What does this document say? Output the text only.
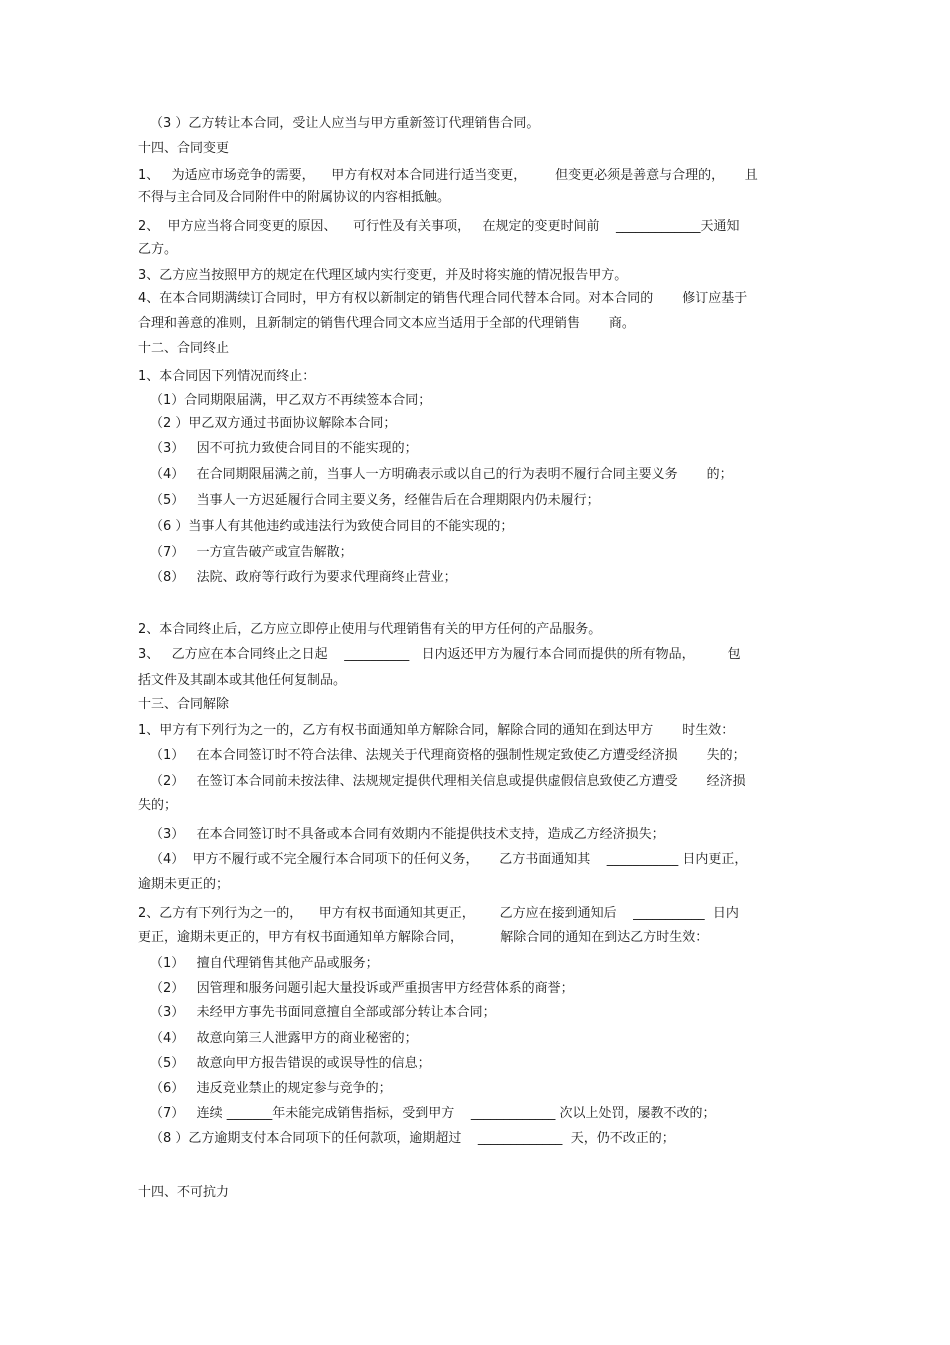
（3 ）乙方转让本合同，受让人应当与甲方重新签订代理销售合同。

十四、合同变更

1、   为适应市场竞争的需要，    甲方有权对本合同进行适当变更，       但变更必须是善意与合理的，     且

不得与主合同及合同附件中的附属协议的内容相抵触。

2、  甲方应当将合同变更的原因、    可行性及有关事项，   在规定的变更时间前    _____________天通知

乙方。

3、乙方应当按照甲方的规定在代理区域内实行变更，并及时将实施的情况报告甲方。

4、在本合同期满续订合同时，甲方有权以新制定的销售代理合同代替本合同。对本合同的       修订应基于

合理和善意的准则，且新制定的销售代理合同文本应当适用于全部的代理销售       商。

十二、合同终止

1、本合同因下列情况而终止：

（1）合同期限届满，甲乙双方不再续签本合同；

（2 ）甲乙双方通过书面协议解除本合同；

（3）   因不可抗力致使合同目的不能实现的；

（4）   在合同期限届满之前，当事人一方明确表示或以自己的行为表明不履行合同主要义务       的；

（5）   当事人一方迟延履行合同主要义务，经催告后在合理期限内仍未履行；

（6 ）当事人有其他违约或违法行为致使合同目的不能实现的；

（7）   一方宣告破产或宣告解散；

（8）   法院、政府等行政行为要求代理商终止营业；

2、本合同终止后，乙方应立即停止使用与代理销售有关的甲方任何的产品服务。

3、   乙方应在本合同终止之日起    __________   日内返还甲方为履行本合同而提供的所有物品，        包

括文件及其副本或其他任何复制品。

十三、合同解除

1、甲方有下列行为之一的，乙方有权书面通知单方解除合同，解除合同的通知在到达甲方       时生效：

（1）   在本合同签订时不符合法律、法规关于代理商资格的强制性规定致使乙方遭受经济损       失的；

（2）   在签订本合同前未按法律、法规规定提供代理相关信息或提供虚假信息致使乙方遭受       经济损

失的；

（3）   在本合同签订时不具备或本合同有效期内不能提供技术支持，造成乙方经济损失；

（4）  甲方不履行或不完全履行本合同项下的任何义务，     乙方书面通知其    ___________ 日内更正，

逾期未更正的；

2、乙方有下列行为之一的，    甲方有权书面通知其更正，      乙方应在接到通知后    ___________  日内

更正，逾期未更正的，甲方有权书面通知单方解除合同，         解除合同的通知在到达乙方时生效：

（1）   擅自代理销售其他产品或服务；

（2）   因管理和服务问题引起大量投诉或严重损害甲方经营体系的商誉；

（3）   未经甲方事先书面同意擅自全部或部分转让本合同；

（4）   故意向第三人泄露甲方的商业秘密的；

（5）   故意向甲方报告错误的或误导性的信息；

（6）   违反竞业禁止的规定参与竞争的；

（7）   连续 _______年未能完成销售指标，受到甲方    _____________ 次以上处罚，屡教不改的；

（8 ）乙方逾期支付本合同项下的任何款项，逾期超过    _____________  天，仍不改正的；

十四、不可抗力
